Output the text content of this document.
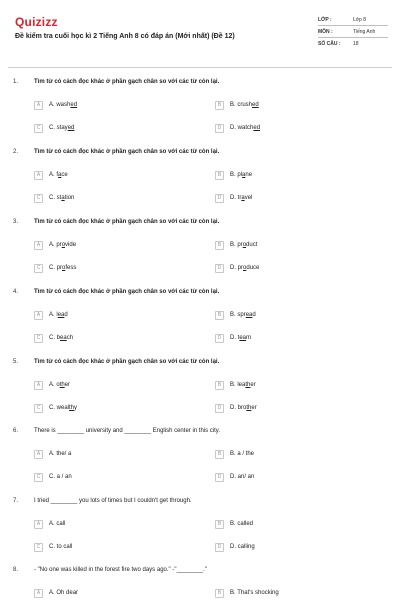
Quizizz
Đề kiểm tra cuối học kì 2 Tiếng Anh 8 có đáp án (Mới nhất) (Đề 12)
LỚP :	Lớp 8
MÔN :	Tiếng Anh
SỐ CÂU :	18
1.	Tìm từ có cách đọc khác ở phần gạch chân so với các từ còn lại.
A	A. washed	B	B. crushed
C	C. stayed	D	D. watched
2.	Tìm từ có cách đọc khác ở phần gạch chân so với các từ còn lại.
A	A. face	B	B. plane
C	C. station	D	D. travel
3.	Tìm từ có cách đọc khác ở phần gạch chân so với các từ còn lại.
A	A. provide	B	B. product
C	C. profess	D	D. produce
4.	Tìm từ có cách đọc khác ở phần gạch chân so với các từ còn lại.
A	A. lead	B	B. spread
C	C. beach	D	D. team
5.	Tìm từ có cách đọc khác ở phần gạch chân so với các từ còn lại.
A	A. other	B	B. leather
C	C. wealthy	D	D. brother
6.	There is ________ university and ________ English center in this city.
A	A. the/ a	B	B. a / the
C	C. a / an	D	D. an/ an
7.	I tried ________ you lots of times but I couldn't get through.
A	A. call	B	B. called
C	C. to call	D	D. calling
8.	- "No one was killed in the forest fire two days ago." -"________."
A	A. Oh dear	B	B. That's shocking
